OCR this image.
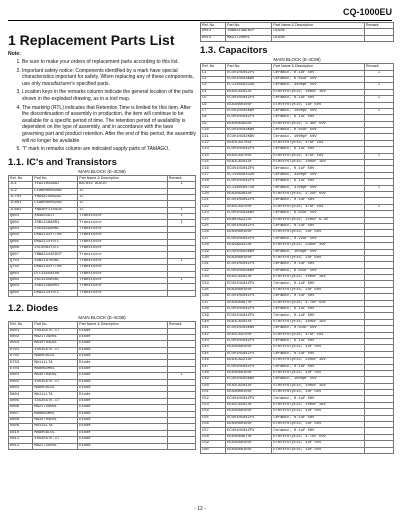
CQ-1000EU
1 Replacement Parts List
Note:
1. Be sure to make your orders of replacement parts according to this list.
2. Important safety notice: Components identified by a mark have special characteristics important for safety. When replacing any of these components, use only manufacturer's specified parts.
3. Location keys in the remarks column indicate the general location of the parts shown in the exploded drawing, as in a tool map.
4. The marking (RTL) indicates that Retention Time is limited for this item. After the discontinuation of assembly in production, the item will continue to be available for a specific period of time. The retention period of availability is dependent on the type of assembly, and in accordance with the laws governing part and product retention. After the end of this period, the assembly will no longer be available.
5. "I" mark in remarks column are indicated supply parts of TAMAGO.
1.1. IC's and Transistors
MAIN BLOCK (E-4C98)
Ref. No.	Part No.	Part Name & Description	Remark
IC1	YEAJ103SAAJ	BA7642 AUDIO	I
IC2	C1AB00000286	IC	
IC701	YNA4A7S80ZAL	IC	
IC801	C1AB00000298	IC	
IC802	YNA3RF1T04CB	IC	I
Q601	XN4601DJT	Transistor	I
Q602	2SB1218A0R1	Transistor	I
Q603	2SD1819A0RL	Transistor	
Q604	DRA2143YTT08	Transistor	
Q605	DRA2114YOTL	Transistor	
Q606	2SC4081Y3TL	Transistor	
Q607	YNBA2144E8CP	Transistor	
Q701	2SB1197K0RL	Transistor	I
Q702	DRA2143YTT08	Transistor	
Q801	DTC14EUA106	Transistor	
Q802	2SC4155K0RL	Transistor	I
Q803	2SB1218A0R1	Transistor	
Q804	DRA2114YOTL	Transistor	
1.2. Diodes
MAIN BLOCK (E-4C98)
Ref. No.	Part No.	Part Name & Description	Remark
D601	1SS355TE-17	Diode	
D602	MA2J72900L	Diode	
D603	MA3X704D0L	Diode	
D701	1SS355TE-17	Diode	
D702	MA8056L0L	Diode	
D703	MA111LTA	Diode	
D704	MA8062M0L	Diode	
D801	MA3X704D0L	Diode	I
D802	1SS355TE-17	Diode	
D803	MA8056L0L	Diode	
D804	MA111LTA	Diode	
D805	1SS355TE-17	Diode	
D806	MA2J72900L	Diode	
D807	MA8062M0L	Diode	
D808	MA3X704D0L	Diode	
D809	MA111LTA	Diode	
D810	MA8056L0L	Diode	
D811	1SS355TE-17	Diode	
D812	MA2J72900L	Diode	
Ref. No.	Part No.	Part Name & Description	Remark
D813	YNBA2148EBCP	Diode	
D814	MA2J72900L	Diode	
1.3. Capacitors
MAIN BLOCK (E-4C98)
Ref. No.	Part No.	Part Name & Description	Remark
C1	ECUV1H104ZFV	Ceramic, 0.1uF 50V	I
C2	ECUV1H103KBV	Ceramic, 0.01uF 50V	
C3	ECJ1VB1H332K	Ceramic, 3300pF 50V	I
C4	EEA1CA101SF	Electrolytic, 100uF 16V	
C5	ECUV1H104ZFV	Ceramic, 0.1uF 50V	I
C6	EEA1HA010SF	Electrolytic, 1uF 50V	
C7	ECUV1H102KBV	Ceramic, 1000pF 50V	I
C8	ECUV1H104ZFV	Ceramic, 0.1uF 50V	
C9	EEA1HA3R3SF	Electrolytic, 3.3uF 50V	
C10	ECUV1H103KBV	Ceramic, 0.01uF 50V	
C11	ECUV1H102KBV	Ceramic, 1000pF 50V	
C12	EEA1CA470SF	Electrolytic, 47uF 16V	
C13	ECUV1H104ZFV	Ceramic, 0.1uF 50V	
C14	EEA1CA470SF	Electrolytic, 47uF 16V	I
C15	EEA1CA101SF	Electrolytic, 100uF 16V	
C16	ECUV1H104ZFV	Ceramic, 0.1uF 50V	
C17	ECJ1VB1H332K	Ceramic, 3300pF 50V	
C18	ECUV1H104ZFV	Ceramic, 0.1uF 50V	
C19	ECJ1VB1H472K	Ceramic, 4700pF 50V	I
C20	EEA1HA2R2SF	Electrolytic, 2.2uF 50V	
C21	ECUV1H104ZFV	Ceramic, 0.1uF 50V	
C22	EEA1CA470SF	Electrolytic, 47uF 16V	I
C23	ECUV1H103KBV	Ceramic, 0.01uF 50V	
C24	EEA0JA221SF	Electrolytic, 220uF 6.3V	
C25	ECUV1H104ZFV	Ceramic, 0.1uF 50V	
C26	EEA1HA010SF	Electrolytic, 1uF 50V	
C27	ECUV1H104ZFV	Ceramic, 0.22uF 50V	
C28	EEA1AA331SF	Electrolytic, 330uF 10V	
C29	ECUV1H102KBV	Ceramic, 1000pF 50V	
C30	EEA1HA010SF	Electrolytic, 1uF 50V	
C31	ECUV1H104ZFV	Ceramic, 0.1uF 50V	
C32	ECUV1H103KBV	Ceramic, 0.01uF 50V	
C33	EEA1CA101SF	Electrolytic, 100uF 16V	
C34	ECUV1H104ZFV	Ceramic, 0.1uF 50V	
C35	EEA1HA010SF	Electrolytic, 1uF 50V	
C36	ECUV1H104ZFV	Ceramic, 0.1uF 50V	
C37	EEA1HA4R7SF	Electrolytic, 4.7uF 50V	
C38	ECUV1H104ZFV	Ceramic, 0.1uF 50V	
C39	ECUV1H104ZFV	Ceramic, 0.1uF 50V	
C40	EEA1CA101SF	Electrolytic, 100uF 16V	
C41	ECUV1H103KBV	Ceramic, 0.01uF 50V	
C42	EEA1CA470SF	Electrolytic, 47uF 16V	
C43	ECUV1H104ZFV	Ceramic, 0.1uF 50V	
C44	EEA1HA010SF	Electrolytic, 1uF 50V	
C45	ECUV1H104ZFV	Ceramic, 0.1uF 50V	
C46	EEA1CA221SF	Electrolytic, 220uF 16V	
C47	ECUV1H104ZFV	Ceramic, 0.1uF 50V	
C48	EEA1HA010SF	Electrolytic, 1uF 50V	
C49	ECUV1H102KBV	Ceramic, 1000pF 50V	
C50	EEA1CA101SF	Electrolytic, 100uF 16V	
C51	EEA1HA010SF	Electrolytic, 1uF 50V	
C52	ECUV1H104ZFV	Ceramic, 0.1uF 50V	
C53	EEA1CA101SF	Electrolytic, 100uF 16V	
C54	EEA1HA010SF	Electrolytic, 1uF 50V	
C55	ECUV1H104ZFV	Ceramic, 0.1uF 50V	
C56	EEA1HA010SF	Electrolytic, 1uF 50V	
C57	ECUV1H104ZFV	Ceramic, 0.1uF 50V	
C58	EEA1HA4R7SF	Electrolytic, 4.7uF 50V	
C59	EEA1HA010SF	Electrolytic, 1uF 50V	
C60	EEA1HA010SF	Electrolytic, 1uF 50V	
- 12 -
